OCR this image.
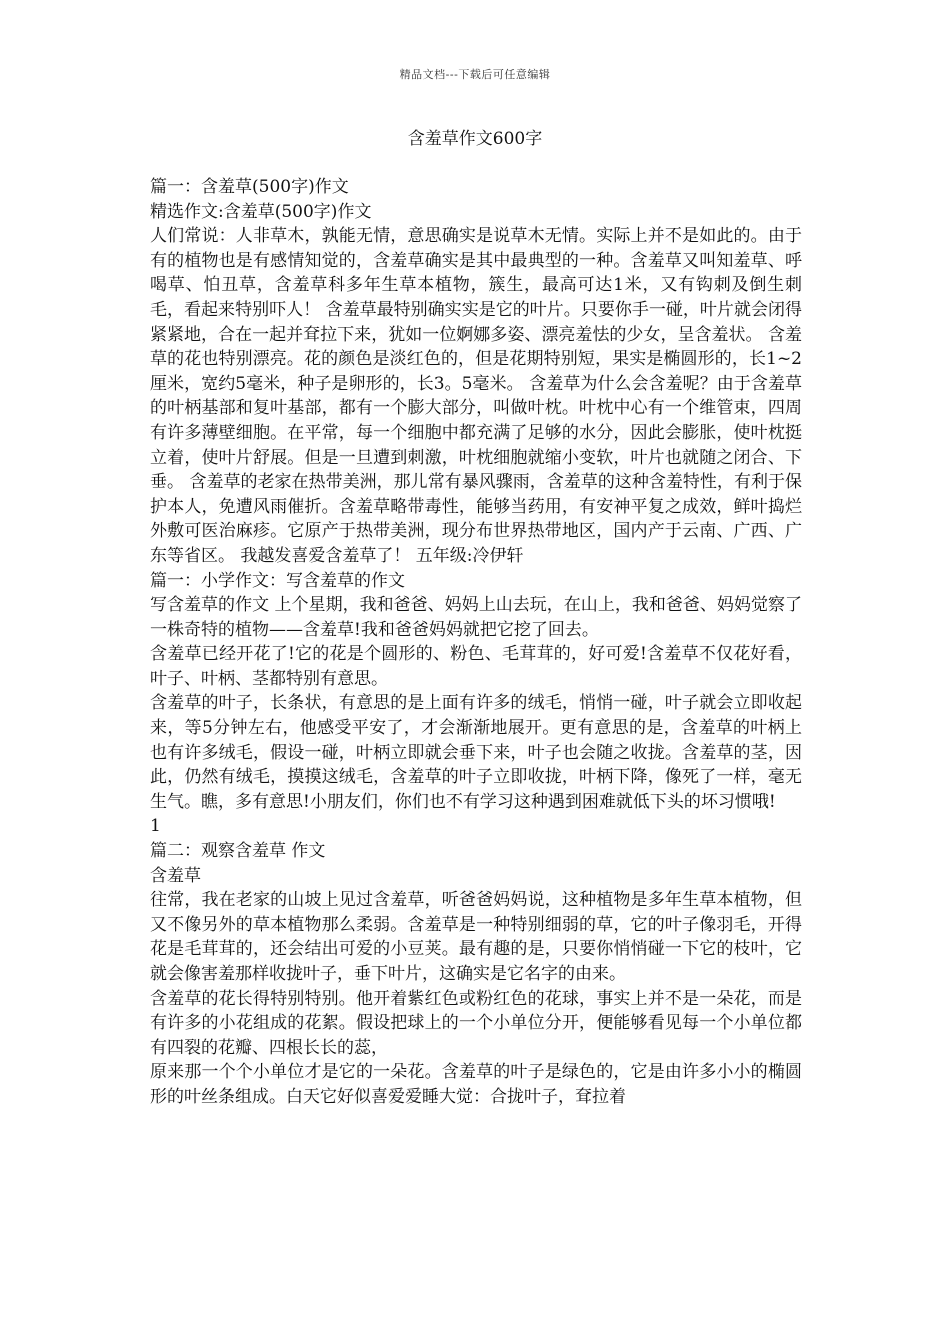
精品文档---下载后可任意编辑
含羞草作文600字

篇一：含羞草(500字)作文

精选作文:含羞草(500字)作文

人们常说：人非草木，孰能无情，意思确实是说草木无情。实际上并不是如此的。由于有的植物也是有感情知觉的，含羞草确实是其中最典型的一种。含羞草又叫知羞草、呼喝草、怕丑草，含羞草科多年生草本植物，簇生，最高可达1米，又有钩刺及倒生刺毛，看起来特别吓人！ 含羞草最特别确实实是它的叶片。只要你手一碰，叶片就会闭得紧紧地，合在一起并耷拉下来，犹如一位婀娜多姿、漂亮羞怯的少女，呈含羞状。 含羞草的花也特别漂亮。花的颜色是淡红色的，但是花期特别短，果实是椭圆形的，长1~2厘米，宽约5毫米，种子是卵形的，长3。5毫米。 含羞草为什么会含羞呢？由于含羞草的叶柄基部和复叶基部，都有一个膨大部分，叫做叶枕。叶枕中心有一个维管束，四周有许多薄壁细胞。在平常，每一个细胞中都充满了足够的水分，因此会膨胀，使叶枕挺立着，使叶片舒展。但是一旦遭到刺激，叶枕细胞就缩小变软，叶片也就随之闭合、下垂。 含羞草的老家在热带美洲，那儿常有暴风骤雨，含羞草的这种含羞特性，有利于保护本人，免遭风雨催折。含羞草略带毒性，能够当药用，有安神平复之成效，鲜叶捣烂外敷可医治麻疹。它原产于热带美洲，现分布世界热带地区，国内产于云南、广西、广东等省区。 我越发喜爱含羞草了！ 五年级:冷伊轩

篇一：小学作文：写含羞草的作文

写含羞草的作文 上个星期，我和爸爸、妈妈上山去玩，在山上，我和爸爸、妈妈觉察了一株奇特的植物——含羞草!我和爸爸妈妈就把它挖了回去。

含羞草已经开花了!它的花是个圆形的、粉色、毛茸茸的，好可爱!含羞草不仅花好看，叶子、叶柄、茎都特别有意思。

含羞草的叶子，长条状，有意思的是上面有许多的绒毛，悄悄一碰，叶子就会立即收起来，等5分钟左右，他感受平安了，才会渐渐地展开。更有意思的是，含羞草的叶柄上也有许多绒毛，假设一碰，叶柄立即就会垂下来，叶子也会随之收拢。含羞草的茎，因此，仍然有绒毛，摸摸这绒毛，含羞草的叶子立即收拢，叶柄下降，像死了一样，毫无生气。瞧，多有意思!小朋友们，你们也不有学习这种遇到困难就低下头的坏习惯哦!

1

篇二：观察含羞草 作文

含羞草

往常，我在老家的山坡上见过含羞草，听爸爸妈妈说，这种植物是多年生草本植物，但又不像另外的草本植物那么柔弱。含羞草是一种特别细弱的草，它的叶子像羽毛，开得花是毛茸茸的，还会结出可爱的小豆荚。最有趣的是，只要你悄悄碰一下它的枝叶，它就会像害羞那样收拢叶子，垂下叶片，这确实是它名字的由来。

含羞草的花长得特别特别。他开着紫红色或粉红色的花球，事实上并不是一朵花，而是有许多的小花组成的花絮。假设把球上的一个小单位分开，便能够看见每一个小单位都有四裂的花瓣、四根长长的蕊，

原来那一个个小单位才是它的一朵花。含羞草的叶子是绿色的，它是由许多小小的椭圆形的叶丝条组成。白天它好似喜爱爱睡大觉：合拢叶子，耷拉着
